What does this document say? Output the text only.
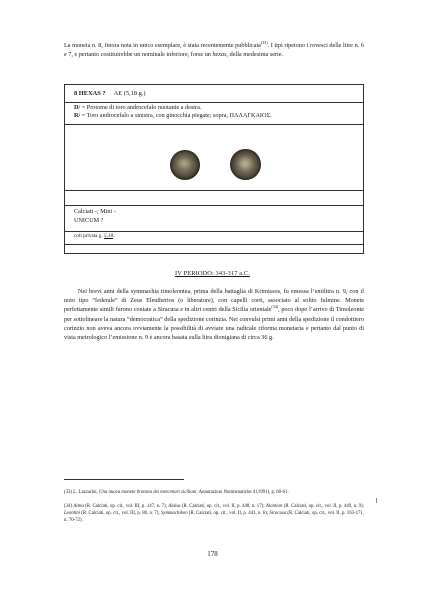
La moneta n. 8, finora nota in unico esemplare, è stata recentemente pubblicata$^{(33)}$. I tipi ripetono i rovesci delle litre n. 6 e 7, e pertanto costituirebbe un nominale inferiore, forse un hexas, della medesima serie.

8 HEXAS ? AE (5,18 g.)
D/ = Protome di toro androcefalo nuotante a destra.
R/ = Toro androcefalo a sinistra, con ginocchia piegate; sopra, ΠΑΛΑΓΚΑΙΟΣ.
Calciati -; Mini -
UNICUM ?
coll privata g. 5,18.
IV PERIODO: 343-317 a.C.

Nei brevi anni della symmachia timoleontea, prima della battaglia di Krimissos, fu emessa l’emilitra n. 9, con il noto tipo “federale” di Zeus Eleutherios (o liberatore), con capelli corti, associato al solito fulmine. Monete perfettamente simili furono coniate a Siracusa e in altri centri della Sicilia orientale$^{(34)}$, poco dopo l’arrivo di Timoleonte per sottolineare la natura “democratica” della spedizione corinzia. Nei convulsi primi anni della spedizione il condottiero corinzio non aveva ancora ovviamente la possibilità di avviare una radicale riforma monetaria e pertanto dal punto di vista metrologico l’emissione n. 9 è ancora basata sulla litra dionigiana di circa 36 g.

(33) L. Lazzarini, Una nuova moneta bronzea dei mercenari siciliani, Annotazioni Numismatiche 4 (1991), p. 60-61.

(34) Aitna (R. Calciati, op. cit., vol. III, p. 147, n. 7); Alaisa (R. Calciati, op. cit., vol. II, p. 448, n. 17); Alontion (R. Calciati, op. cit., vol. II, p. 449, n. 9); Leontini (R. Calciati, op. cit., vol. III, p. 80, n. 7); Symmachikon (R. Calciati, op. cit., vol. II, p. 443, n. 6); Siracusa (R. Calciati, op. cit., vol. II, p. 163-171, n. 70-72).

178
